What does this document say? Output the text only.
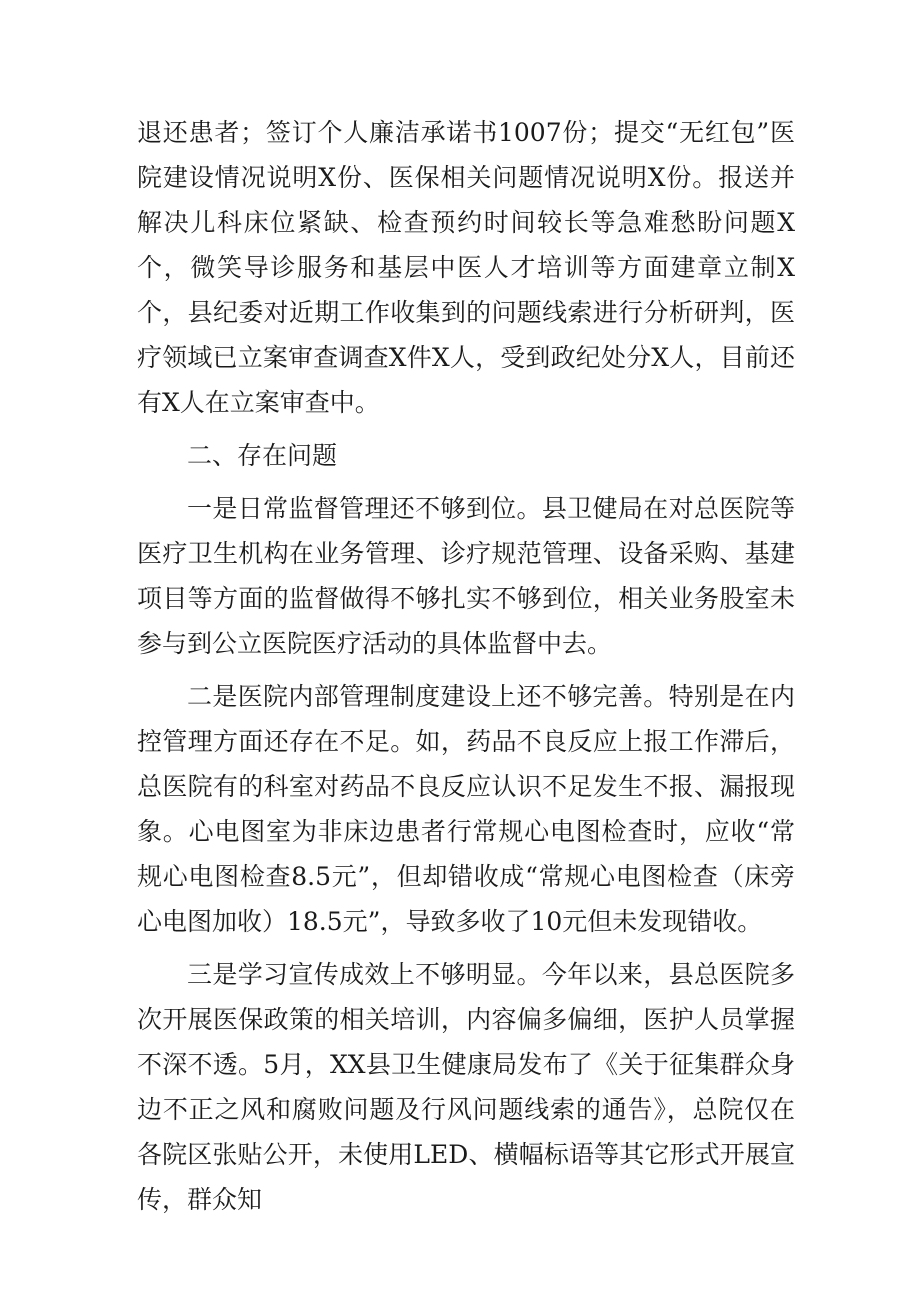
退还患者；签订个人廉洁承诺书1007份；提交“无红包”医院建设情况说明X份、医保相关问题情况说明X份。报送并解决儿科床位紧缺、检查预约时间较长等急难愁盼问题X个，微笑导诊服务和基层中医人才培训等方面建章立制X个，县纪委对近期工作收集到的问题线索进行分析研判，医疗领域已立案审查调查X件X人，受到政纪处分X人，目前还有X人在立案审查中。

二、存在问题

一是日常监督管理还不够到位。县卫健局在对总医院等医疗卫生机构在业务管理、诊疗规范管理、设备采购、基建项目等方面的监督做得不够扎实不够到位，相关业务股室未参与到公立医院医疗活动的具体监督中去。

二是医院内部管理制度建设上还不够完善。特别是在内控管理方面还存在不足。如，药品不良反应上报工作滞后，总医院有的科室对药品不良反应认识不足发生不报、漏报现象。心电图室为非床边患者行常规心电图检查时，应收“常规心电图检查8.5元”，但却错收成“常规心电图检查（床旁心电图加收）18.5元”，导致多收了10元但未发现错收。

三是学习宣传成效上不够明显。今年以来，县总医院多次开展医保政策的相关培训，内容偏多偏细，医护人员掌握不深不透。5月，XX县卫生健康局发布了《关于征集群众身边不正之风和腐败问题及行风问题线索的通告》，总院仅在各院区张贴公开，未使用LED、横幅标语等其它形式开展宣传，群众知
